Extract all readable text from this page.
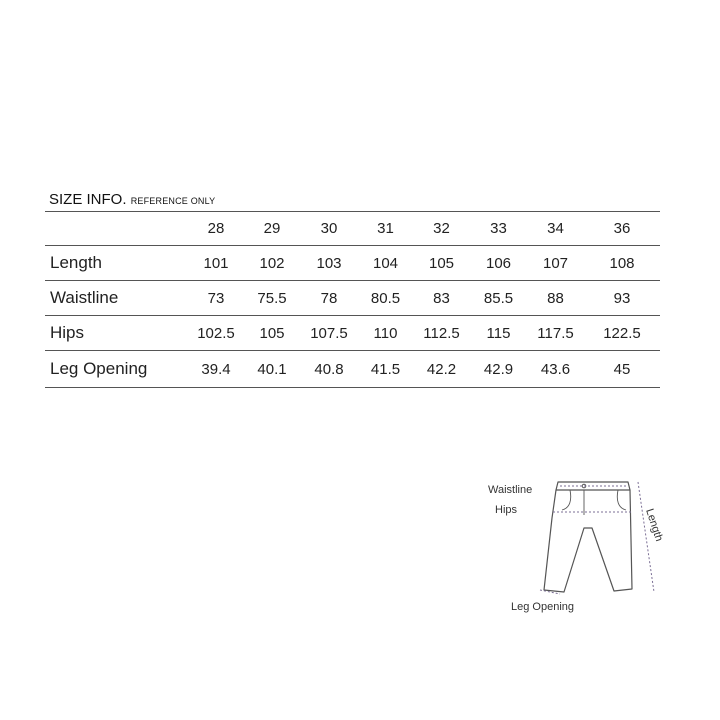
SIZE INFO. REFERENCE ONLY
	28	29	30	31	32	33	34	36
Length	101	102	103	104	105	106	107	108
Waistline	73	75.5	78	80.5	83	85.5	88	93
Hips	102.5	105	107.5	110	112.5	115	117.5	122.5
Leg Opening	39.4	40.1	40.8	41.5	42.2	42.9	43.6	45
Waistline
Hips
Leg Opening
Length
